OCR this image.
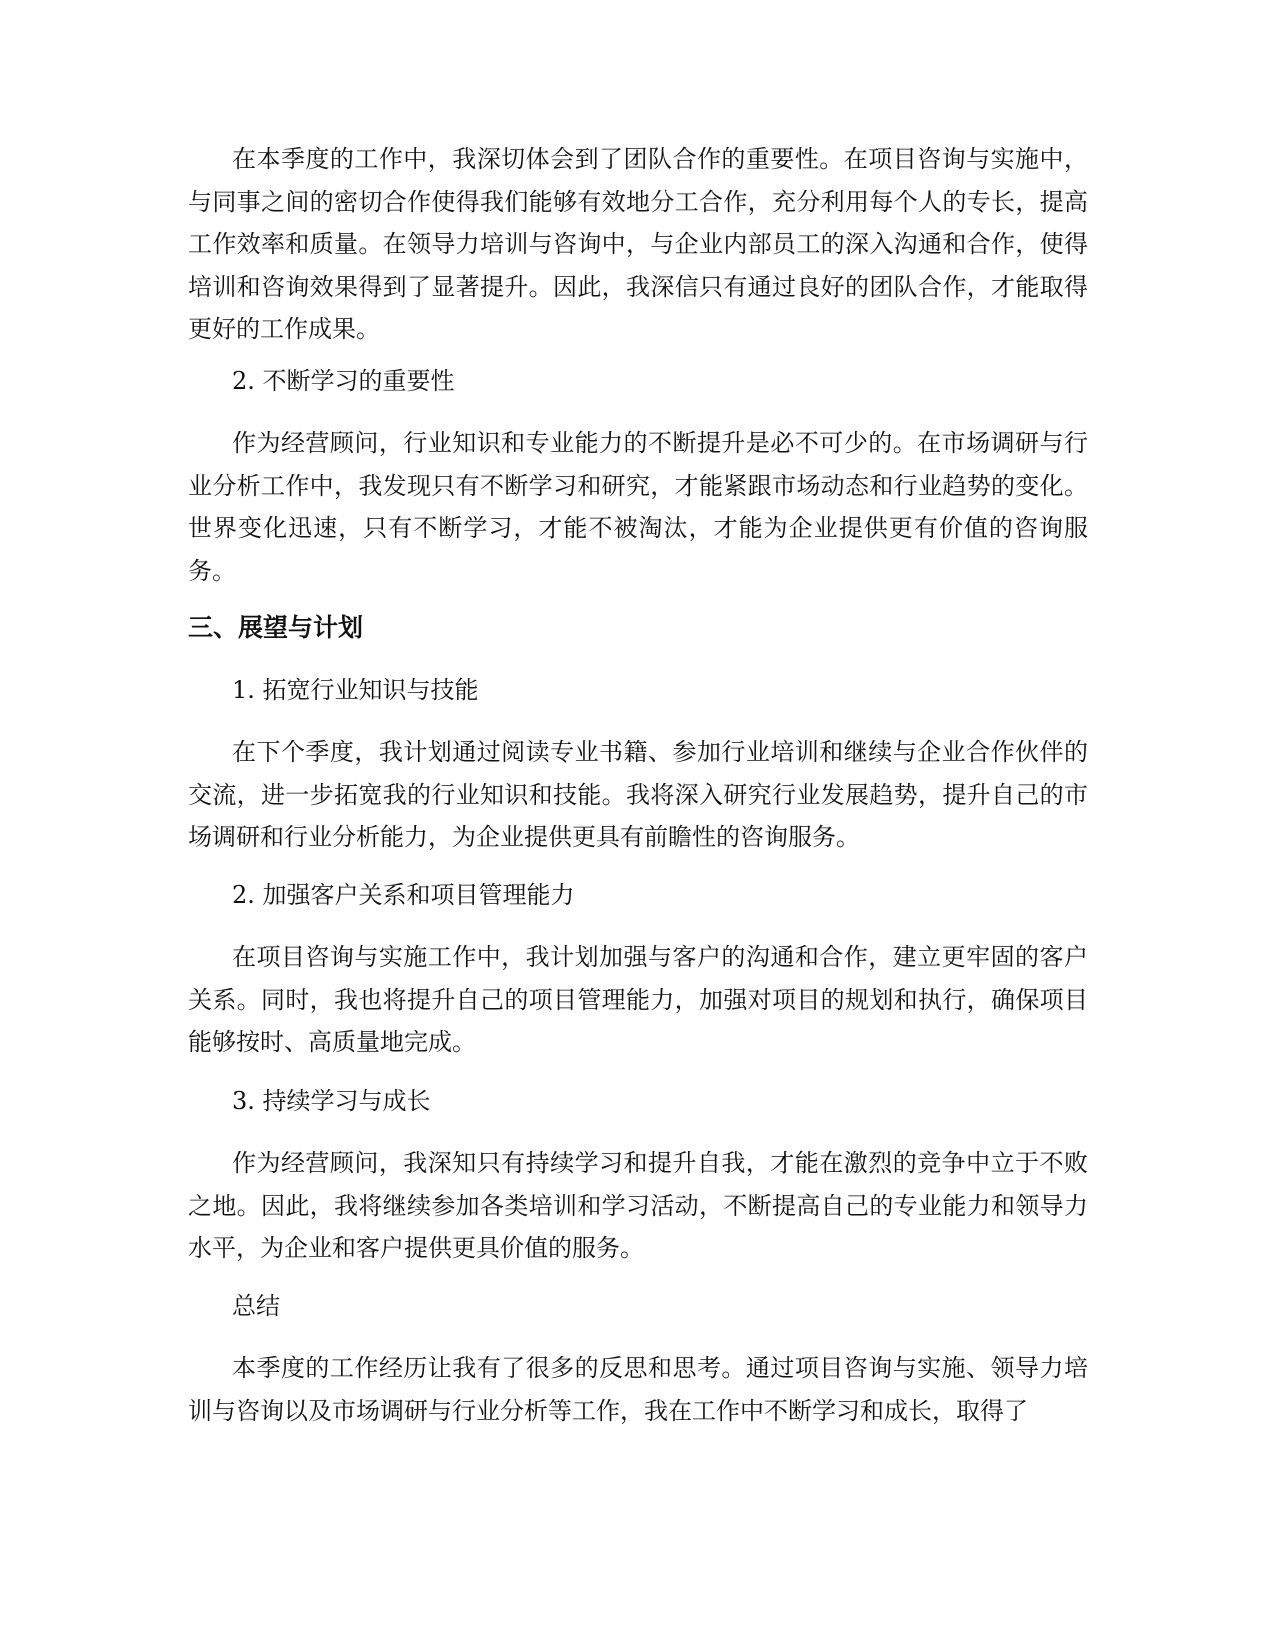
在本季度的工作中，我深切体会到了团队合作的重要性。在项目咨询与实施中，与同事之间的密切合作使得我们能够有效地分工合作，充分利用每个人的专长，提高工作效率和质量。在领导力培训与咨询中，与企业内部员工的深入沟通和合作，使得培训和咨询效果得到了显著提升。因此，我深信只有通过良好的团队合作，才能取得更好的工作成果。

2. 不断学习的重要性

作为经营顾问，行业知识和专业能力的不断提升是必不可少的。在市场调研与行业分析工作中，我发现只有不断学习和研究，才能紧跟市场动态和行业趋势的变化。世界变化迅速，只有不断学习，才能不被淘汰，才能为企业提供更有价值的咨询服务。

三、展望与计划

1. 拓宽行业知识与技能

在下个季度，我计划通过阅读专业书籍、参加行业培训和继续与企业合作伙伴的交流，进一步拓宽我的行业知识和技能。我将深入研究行业发展趋势，提升自己的市场调研和行业分析能力，为企业提供更具有前瞻性的咨询服务。

2. 加强客户关系和项目管理能力

在项目咨询与实施工作中，我计划加强与客户的沟通和合作，建立更牢固的客户关系。同时，我也将提升自己的项目管理能力，加强对项目的规划和执行，确保项目能够按时、高质量地完成。

3. 持续学习与成长

作为经营顾问，我深知只有持续学习和提升自我，才能在激烈的竞争中立于不败之地。因此，我将继续参加各类培训和学习活动，不断提高自己的专业能力和领导力水平，为企业和客户提供更具价值的服务。

总结

本季度的工作经历让我有了很多的反思和思考。通过项目咨询与实施、领导力培训与咨询以及市场调研与行业分析等工作，我在工作中不断学习和成长，取得了
